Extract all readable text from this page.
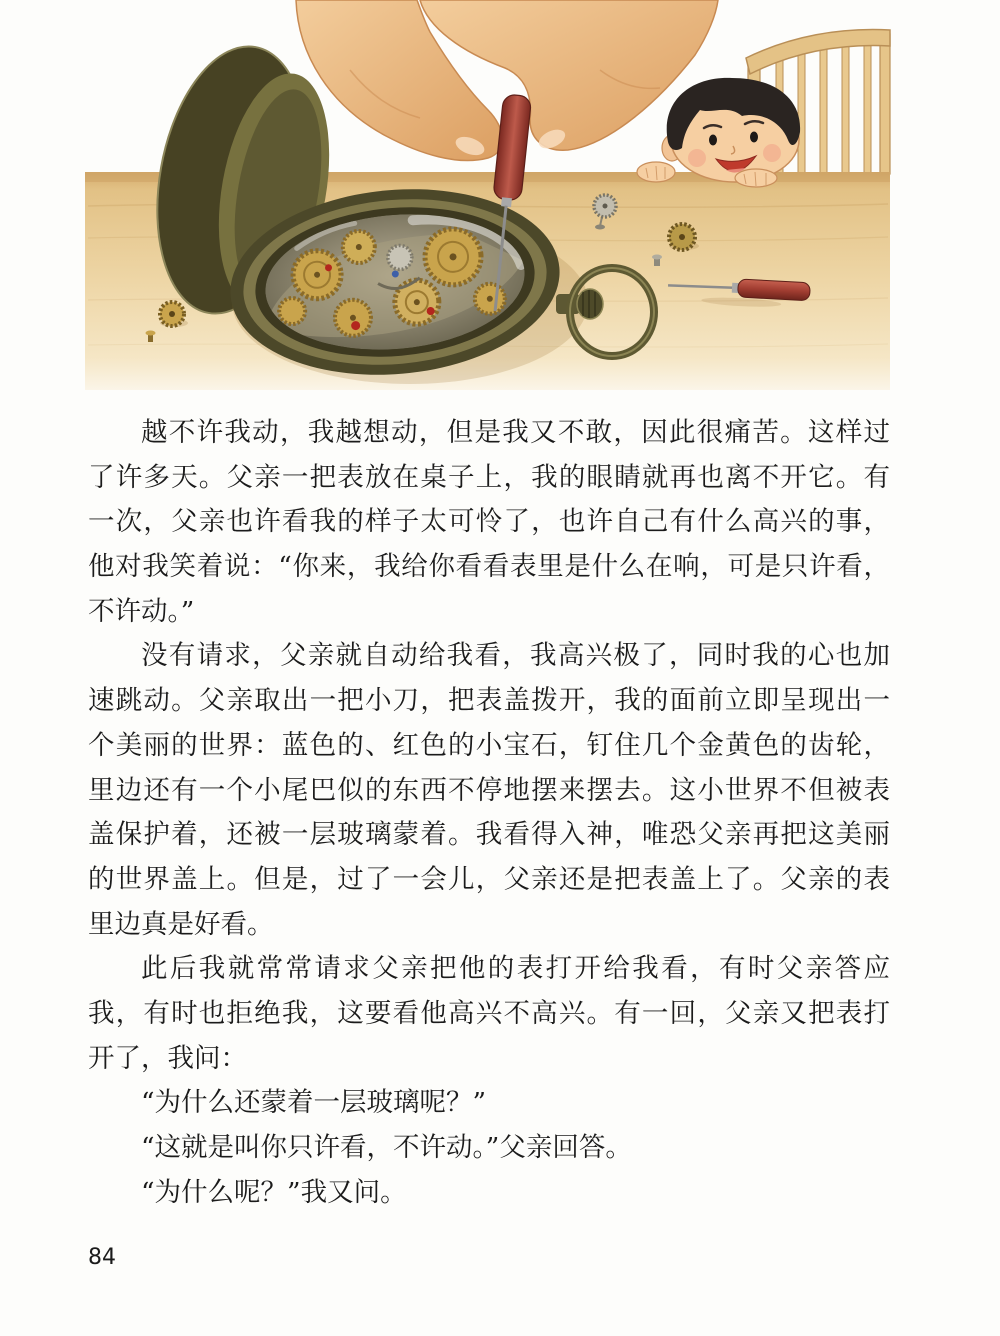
越不许我动，我越想动，但是我又不敢，因此很痛苦。这样过
了许多天。父亲一把表放在桌子上，我的眼睛就再也离不开它。有
一次，父亲也许看我的样子太可怜了，也许自己有什么高兴的事，
他对我笑着说：“你来，我给你看看表里是什么在响，可是只许看，
不许动。”
没有请求，父亲就自动给我看，我高兴极了，同时我的心也加
速跳动。父亲取出一把小刀，把表盖拨开，我的面前立即呈现出一
个美丽的世界：蓝色的、红色的小宝石，钉住几个金黄色的齿轮，
里边还有一个小尾巴似的东西不停地摆来摆去。这小世界不但被表
盖保护着，还被一层玻璃蒙着。我看得入神，唯恐父亲再把这美丽
的世界盖上。但是，过了一会儿，父亲还是把表盖上了。父亲的表
里边真是好看。
此后我就常常请求父亲把他的表打开给我看，有时父亲答应
我，有时也拒绝我，这要看他高兴不高兴。有一回，父亲又把表打
开了，我问：
“为什么还蒙着一层玻璃呢？”
“这就是叫你只许看，不许动。”父亲回答。
“为什么呢？”我又问。
84
